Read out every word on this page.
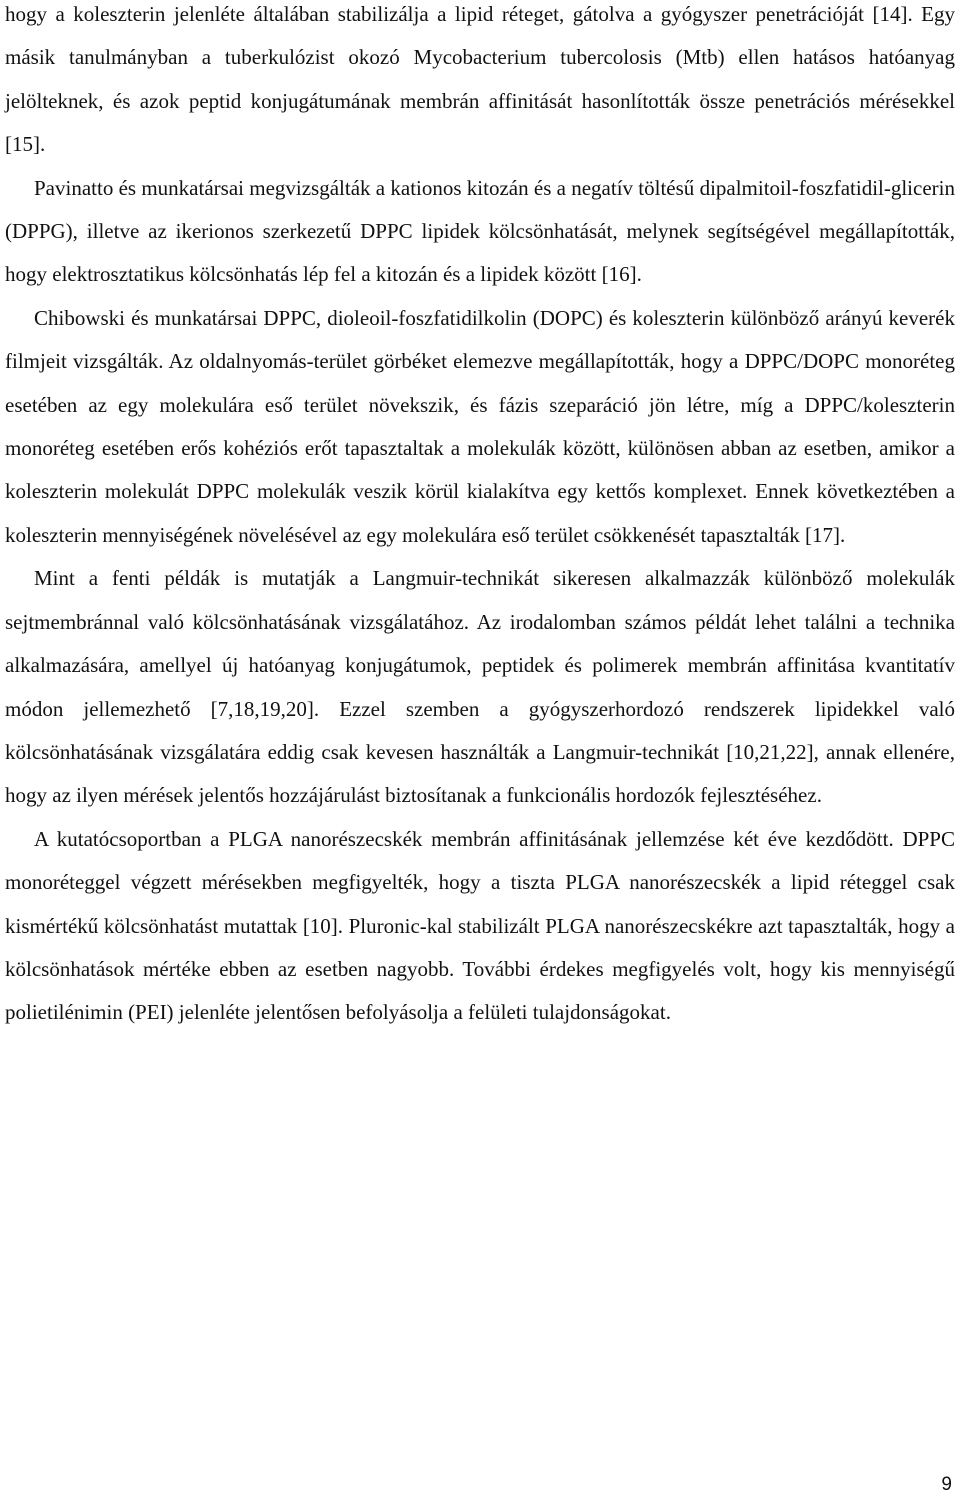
hogy a koleszterin jelenléte általában stabilizálja a lipid réteget, gátolva a gyógyszer penetrációját [14]. Egy másik tanulmányban a tuberkulózist okozó Mycobacterium tubercolosis (Mtb) ellen hatásos hatóanyag jelölteknek, és azok peptid konjugátumának membrán affinitását hasonlították össze penetrációs mérésekkel [15].

Pavinatto és munkatársai megvizsgálták a kationos kitozán és a negatív töltésű dipalmitoil-foszfatidil-glicerin (DPPG), illetve az ikerionos szerkezetű DPPC lipidek kölcsönhatását, melynek segítségével megállapították, hogy elektrosztatikus kölcsönhatás lép fel a kitozán és a lipidek között [16].

Chibowski és munkatársai DPPC, dioleoil-foszfatidilkolin (DOPC) és koleszterin különböző arányú keverék filmjeit vizsgálták. Az oldalnyomás-terület görbéket elemezve megállapították, hogy a DPPC/DOPC monoréteg esetében az egy molekulára eső terület növekszik, és fázis szeparáció jön létre, míg a DPPC/koleszterin monoréteg esetében erős kohéziós erőt tapasztaltak a molekulák között, különösen abban az esetben, amikor a koleszterin molekulát DPPC molekulák veszik körül kialakítva egy kettős komplexet. Ennek következtében a koleszterin mennyiségének növelésével az egy molekulára eső terület csökkenését tapasztalták [17].

Mint a fenti példák is mutatják a Langmuir-technikát sikeresen alkalmazzák különböző molekulák sejtmembránnal való kölcsönhatásának vizsgálatához. Az irodalomban számos példát lehet találni a technika alkalmazására, amellyel új hatóanyag konjugátumok, peptidek és polimerek membrán affinitása kvantitatív módon jellemezhető [7,18,19,20]. Ezzel szemben a gyógyszerhordozó rendszerek lipidekkel való kölcsönhatásának vizsgálatára eddig csak kevesen használták a Langmuir-technikát [10,21,22], annak ellenére, hogy az ilyen mérések jelentős hozzájárulást biztosítanak a funkcionális hordozók fejlesztéséhez.

A kutatócsoportban a PLGA nanorészecskék membrán affinitásának jellemzése két éve kezdődött. DPPC monoréteggel végzett mérésekben megfigyelték, hogy a tiszta PLGA nanorészecskék a lipid réteggel csak kismértékű kölcsönhatást mutattak [10]. Pluronic-kal stabilizált PLGA nanorészecskékre azt tapasztalták, hogy a kölcsönhatások mértéke ebben az esetben nagyobb. További érdekes megfigyelés volt, hogy kis mennyiségű polietilénimin (PEI) jelenléte jelentősen befolyásolja a felületi tulajdonságokat.

9
